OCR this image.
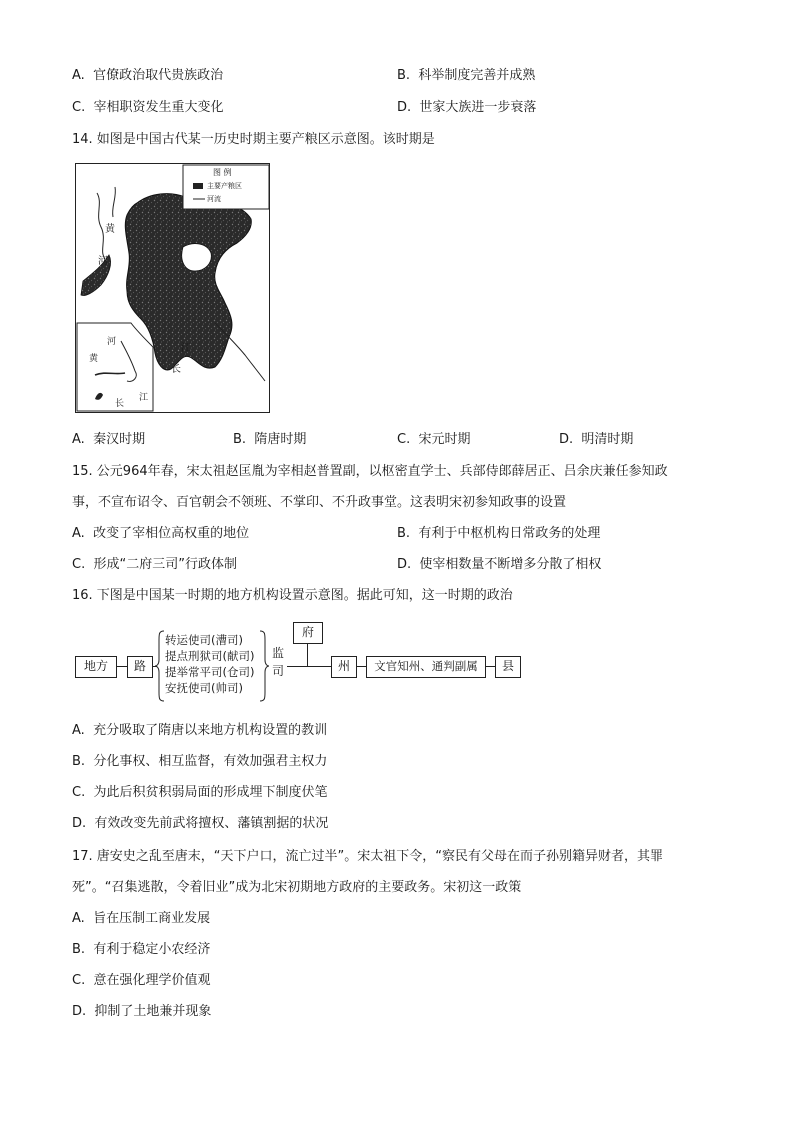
A. 官僚政治取代贵族政治	B. 科举制度完善并成熟
C. 宰相职资发生重大变化	D. 世家大族进一步衰落
14. 如图是中国古代某一历史时期主要产粮区示意图。该时期是
图 例
主要产粮区
河流
黄
河
江
长
河
黄
长
江
A. 秦汉时期	B. 隋唐时期	C. 宋元时期	D. 明清时期
15. 公元964年春，宋太祖赵匡胤为宰相赵普置副，以枢密直学士、兵部侍郎薛居正、吕余庆兼任参知政
事，不宣布诏令、百官朝会不领班、不掌印、不升政事堂。这表明宋初参知政事的设置
A. 改变了宰相位高权重的地位	B. 有利于中枢机构日常政务的处理
C. 形成“二府三司”行政体制	D. 使宰相数量不断增多分散了相权
16. 下图是中国某一时期的地方机构设置示意图。据此可知，这一时期的政治
地方	路
转运使司(漕司)
提点刑狱司(献司)
提举常平司(仓司)
安抚使司(帅司)
监司
府
州	文官知州、通判副属	县
A. 充分吸取了隋唐以来地方机构设置的教训
B. 分化事权、相互监督，有效加强君主权力
C. 为此后积贫积弱局面的形成埋下制度伏笔
D. 有效改变先前武将擅权、藩镇割据的状况
17. 唐安史之乱至唐末，“天下户口，流亡过半”。宋太祖下令，“察民有父母在而子孙别籍异财者，其罪
死”。“召集逃散，令着旧业”成为北宋初期地方政府的主要政务。宋初这一政策
A. 旨在压制工商业发展
B. 有利于稳定小农经济
C. 意在强化理学价值观
D. 抑制了土地兼并现象
